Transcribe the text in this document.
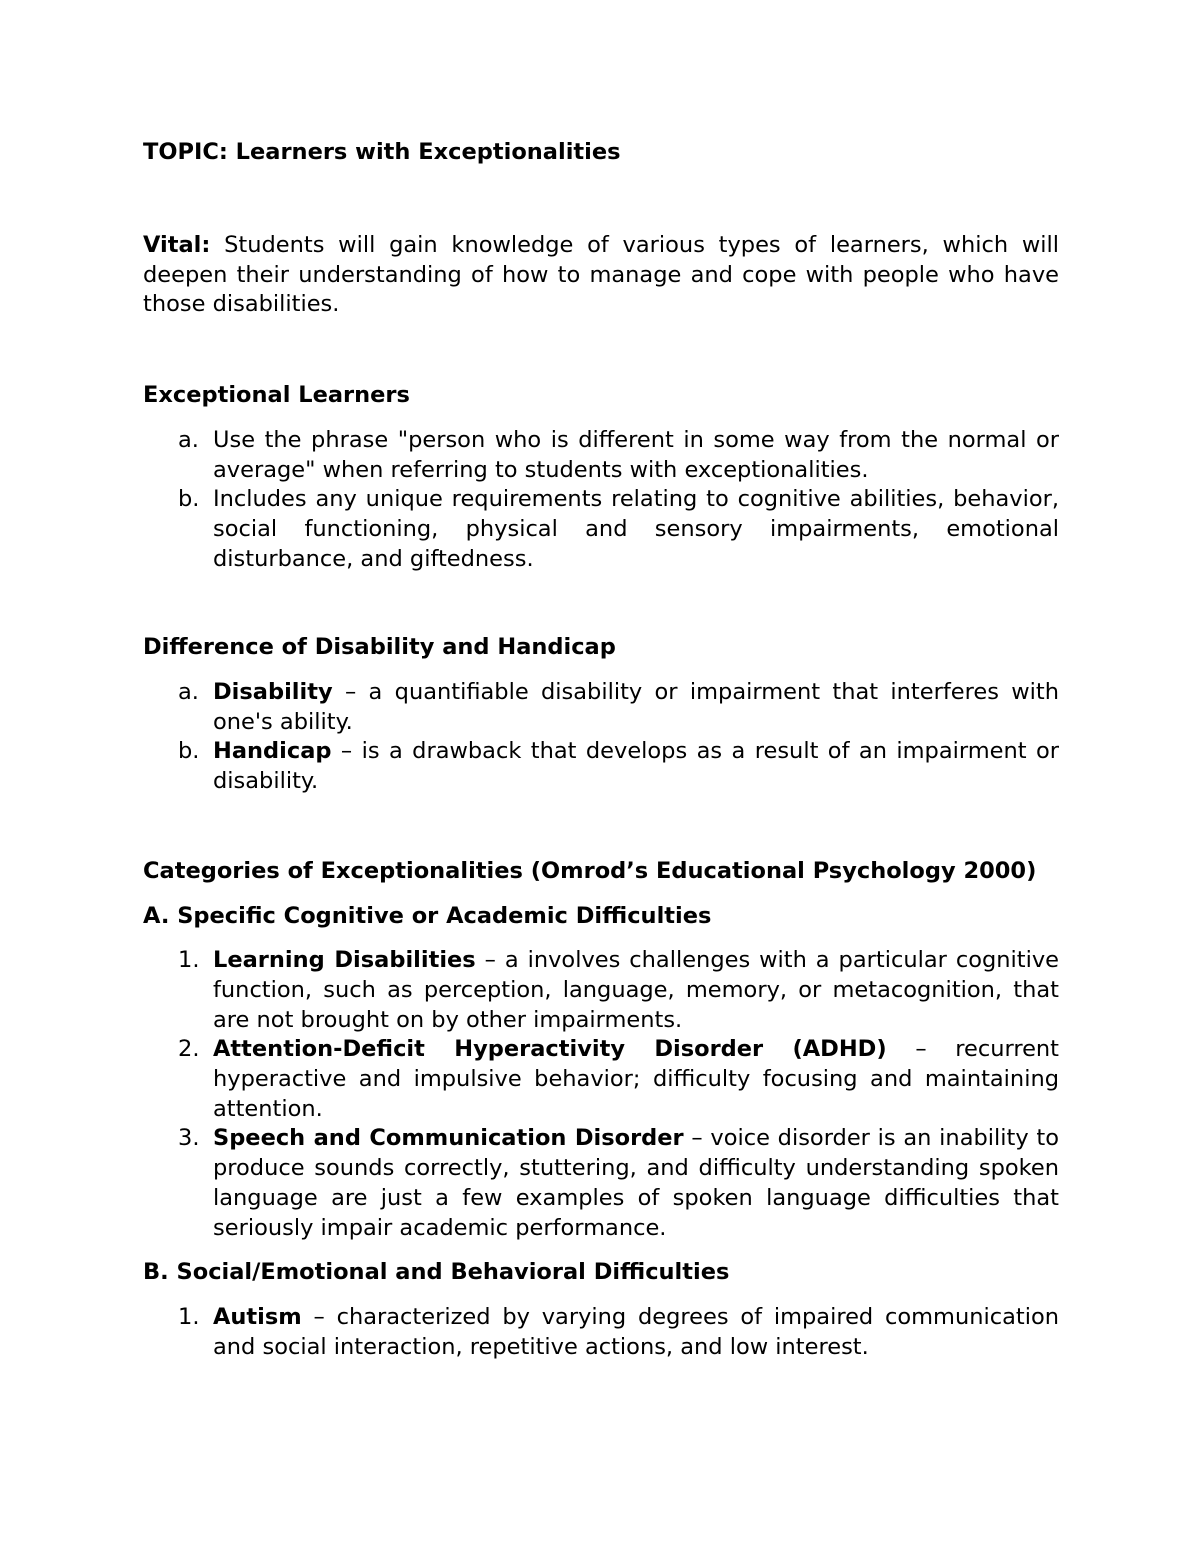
TOPIC: Learners with Exceptionalities

Vital: Students will gain knowledge of various types of learners, which will deepen their understanding of how to manage and cope with people who have those disabilities.

Exceptional Learners

a. Use the phrase "person who is different in some way from the normal or average" when referring to students with exceptionalities.
b. Includes any unique requirements relating to cognitive abilities, behavior, social functioning, physical and sensory impairments, emotional disturbance, and giftedness.

Difference of Disability and Handicap

a. Disability – a quantifiable disability or impairment that interferes with one's ability.
b. Handicap – is a drawback that develops as a result of an impairment or disability.

Categories of Exceptionalities (Omrod’s Educational Psychology 2000)

A. Specific Cognitive or Academic Difficulties

1. Learning Disabilities – a involves challenges with a particular cognitive function, such as perception, language, memory, or metacognition, that are not brought on by other impairments.
2. Attention-Deficit Hyperactivity Disorder (ADHD) – recurrent hyperactive and impulsive behavior; difficulty focusing and maintaining attention.
3. Speech and Communication Disorder – voice disorder is an inability to produce sounds correctly, stuttering, and difficulty understanding spoken language are just a few examples of spoken language difficulties that seriously impair academic performance.

B. Social/Emotional and Behavioral Difficulties

1. Autism – characterized by varying degrees of impaired communication and social interaction, repetitive actions, and low interest.
